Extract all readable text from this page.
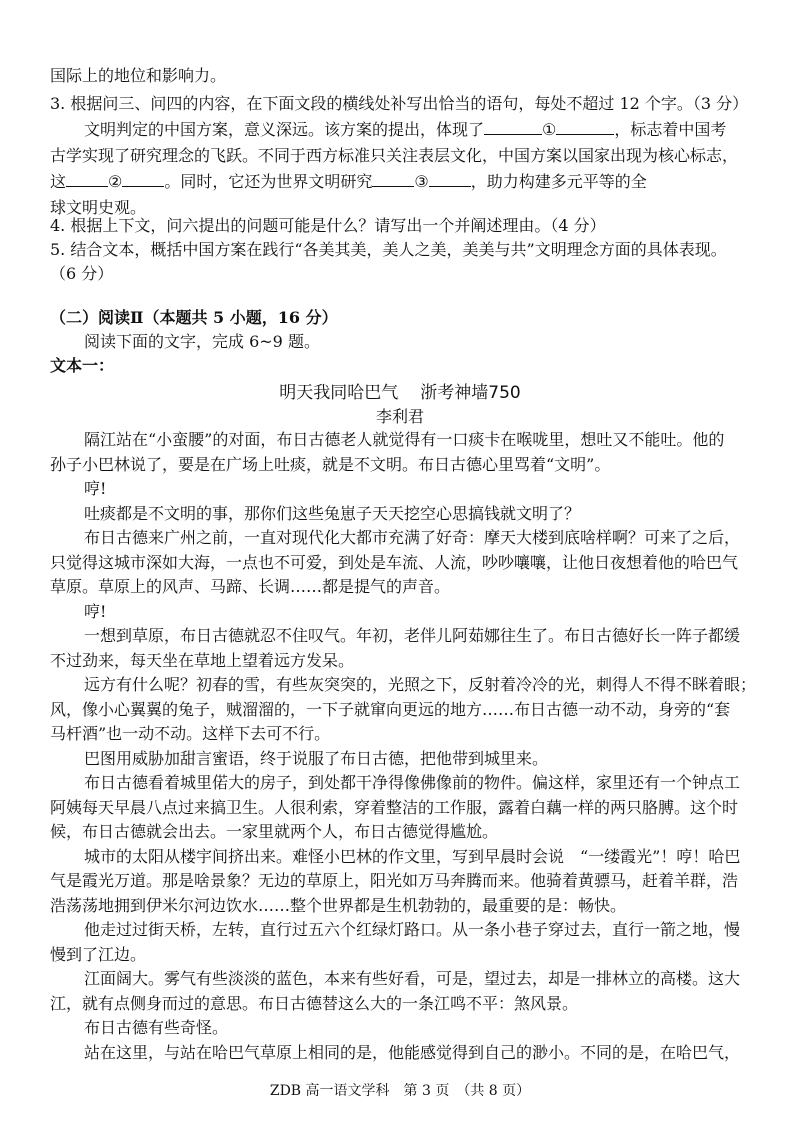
国际上的地位和影响力。
3. 根据问三、问四的内容，在下面文段的横线处补写出恰当的语句，每处不超过 12 个字。（3 分）
文明判定的中国方案，意义深远。该方案的提出，体现了	①	，标志着中国考
古学实现了研究理念的飞跃。不同于西方标准只关注表层文化，中国方案以国家出现为核心标志，
这	②	。同时，它还为世界文明研究	③	，助力构建多元平等的全
球文明史观。
4. 根据上下文，问六提出的问题可能是什么？请写出一个并阐述理由。（4 分）
5. 结合文本，概括中国方案在践行“各美其美，美人之美，美美与共”文明理念方面的具体表现。
（6 分）
（二）阅读Ⅱ（本题共 5 小题，16 分）
阅读下面的文字，完成 6~9 题。
文本一：
明天我同哈巴气 浙考神墙750
李利君
隔江站在“小蛮腰”的对面，布日古德老人就觉得有一口痰卡在喉咙里，想吐又不能吐。他的
孙子小巴林说了，要是在广场上吐痰，就是不文明。布日古德心里骂着“文明”。
哼!
吐痰都是不文明的事，那你们这些兔崽子天天挖空心思搞钱就文明了？
布日古德来广州之前，一直对现代化大都市充满了好奇：摩天大楼到底啥样啊？可来了之后，
只觉得这城市深如大海，一点也不可爱，到处是车流、人流，吵吵嚷嚷，让他日夜想着他的哈巴气
草原。草原上的风声、马蹄、长调……都是提气的声音。
哼!
一想到草原，布日古德就忍不住叹气。年初，老伴儿阿茹娜往生了。布日古德好长一阵子都缓
不过劲来，每天坐在草地上望着远方发呆。
远方有什么呢？初春的雪，有些灰突突的，光照之下，反射着冷冷的光，刺得人不得不眯着眼；
风，像小心翼翼的兔子，贼溜溜的，一下子就窜向更远的地方……布日古德一动不动，身旁的“套
马杆酒”也一动不动。这样下去可不行。
巴图用威胁加甜言蜜语，终于说服了布日古德，把他带到城里来。
布日古德看着城里偌大的房子，到处都干净得像佛像前的物件。偏这样，家里还有一个钟点工
阿姨每天早晨八点过来搞卫生。人很利索，穿着整洁的工作服，露着白藕一样的两只胳膊。这个时
候，布日古德就会出去。一家里就两个人，布日古德觉得尴尬。
城市的太阳从楼宇间挤出来。难怪小巴林的作文里，写到早晨时会说　“一缕霞光”！哼！哈巴
气是霞光万道。那是啥景象？无边的草原上，阳光如万马奔腾而来。他骑着黄骠马，赶着羊群，浩
浩荡荡地拥到伊米尔河边饮水……整个世界都是生机勃勃的，最重要的是：畅快。
他走过过街天桥，左转，直行过五六个红绿灯路口。从一条小巷子穿过去，直行一箭之地，慢
慢到了江边。
江面阔大。雾气有些淡淡的蓝色，本来有些好看，可是，望过去，却是一排林立的高楼。这大
江，就有点侧身而过的意思。布日古德替这么大的一条江鸣不平：煞风景。
布日古德有些奇怪。
站在这里，与站在哈巴气草原上相同的是，他能感觉得到自己的渺小。不同的是，在哈巴气，
ZDB 高一语文学科　第 3 页　（共 8 页）
